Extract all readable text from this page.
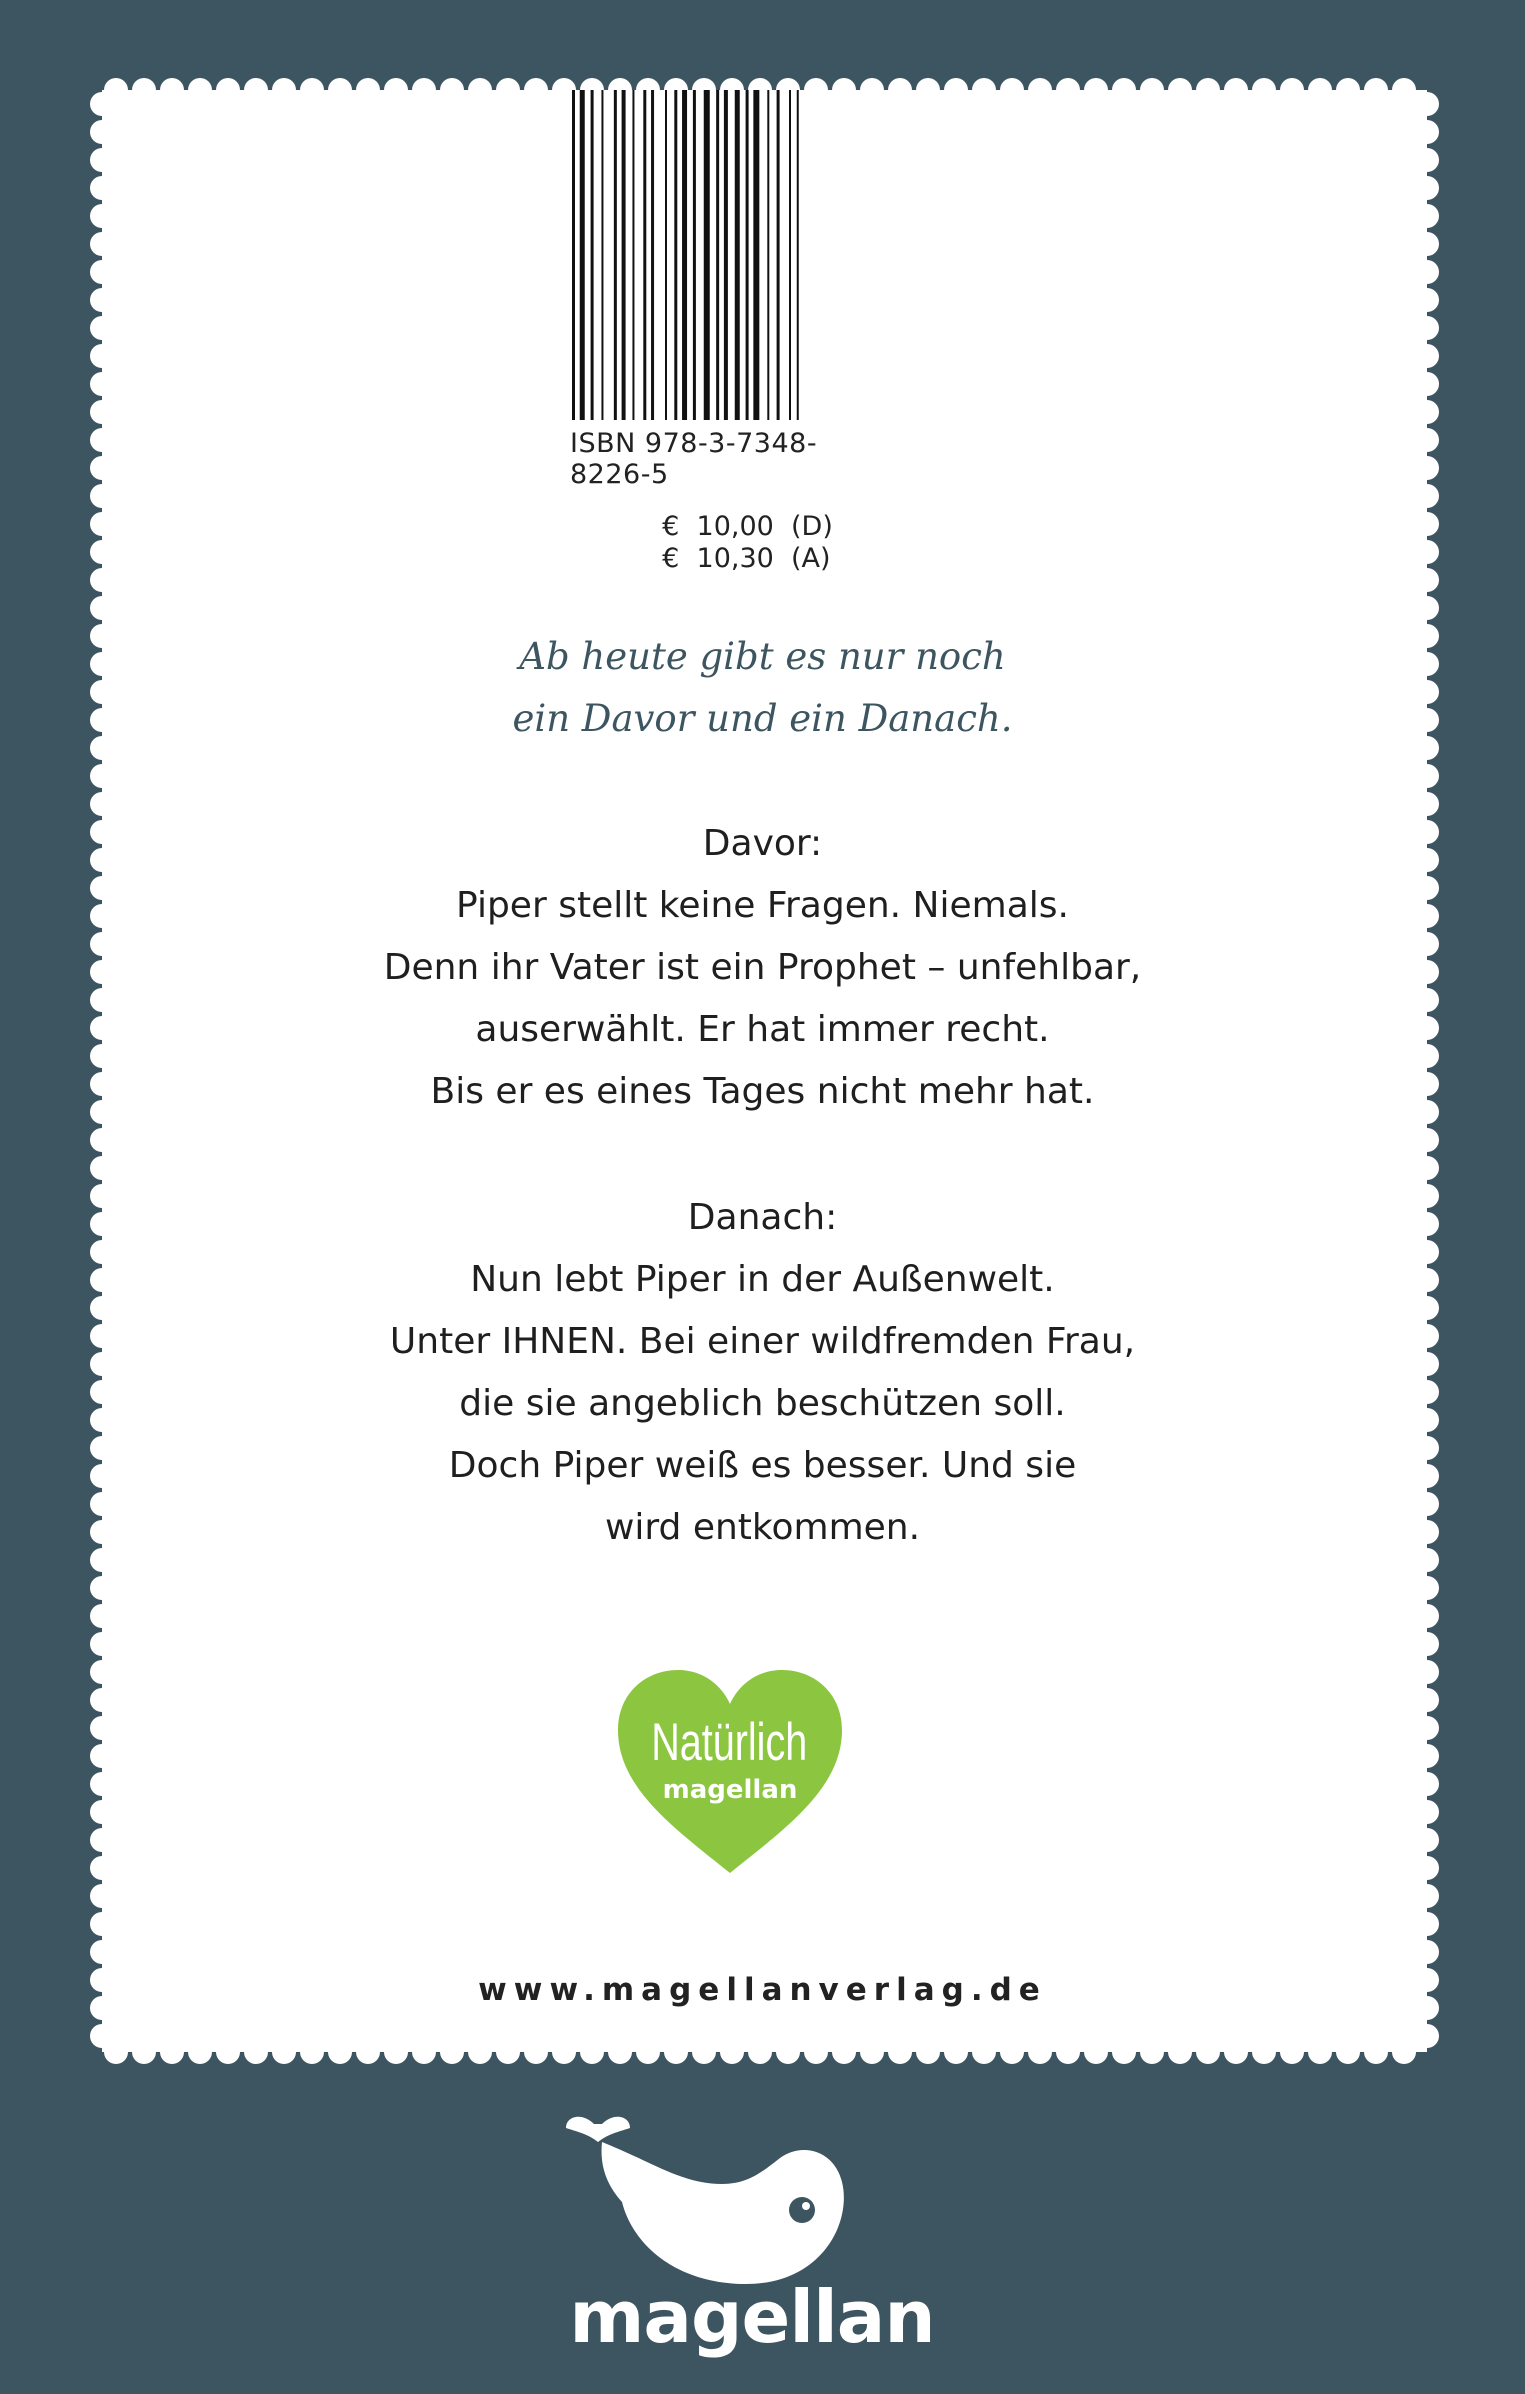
ISBN 978-3-7348-8226-5

€ 10,00 (D)

€ 10,30 (A)

Ab heute gibt es nur noch
ein Davor und ein Danach.
Davor:
Piper stellt keine Fragen. Niemals.
Denn ihr Vater ist ein Prophet – unfehlbar,
auserwählt. Er hat immer recht.
Bis er es eines Tages nicht mehr hat.
Danach:
Nun lebt Piper in der Außenwelt.
Unter IHNEN. Bei einer wildfremden Frau,
die sie angeblich beschützen soll.
Doch Piper weiß es besser. Und sie
wird entkommen.
Natürlich
magellan
www.magellanverlag.de
magellan
